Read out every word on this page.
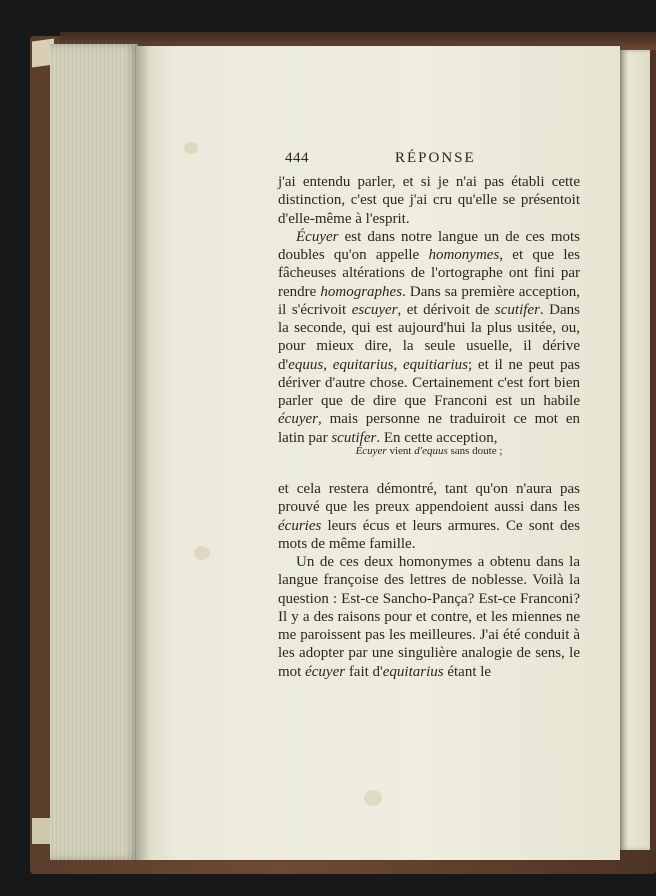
444	RÉPONSE

j'ai entendu parler, et si je n'ai pas établi cette distinction, c'est que j'ai cru qu'elle se présentoit d'elle-même à l'esprit.

Écuyer est dans notre langue un de ces mots doubles qu'on appelle homonymes, et que les fâcheuses altérations de l'ortographe ont fini par rendre homographes. Dans sa première acception, il s'écrivoit escuyer, et dérivoit de scutifer. Dans la seconde, qui est aujourd'hui la plus usitée, ou, pour mieux dire, la seule usuelle, il dérive d'equus, equitarius, equitiarius; et il ne peut pas dériver d'autre chose. Certainement c'est fort bien parler que de dire que Franconi est un habile écuyer, mais personne ne traduiroit ce mot en latin par scutifer. En cette acception,

Écuyer vient d'equus sans doute ;

et cela restera démontré, tant qu'on n'aura pas prouvé que les preux appendoient aussi dans les écuries leurs écus et leurs armures. Ce sont des mots de même famille.

Un de ces deux homonymes a obtenu dans la langue françoise des lettres de noblesse. Voilà la question : Est-ce Sancho-Pança? Est-ce Franconi? Il y a des raisons pour et contre, et les miennes ne me paroissent pas les meilleures. J'ai été conduit à les adopter par une singulière analogie de sens, le mot écuyer fait d'equitarius étant le
